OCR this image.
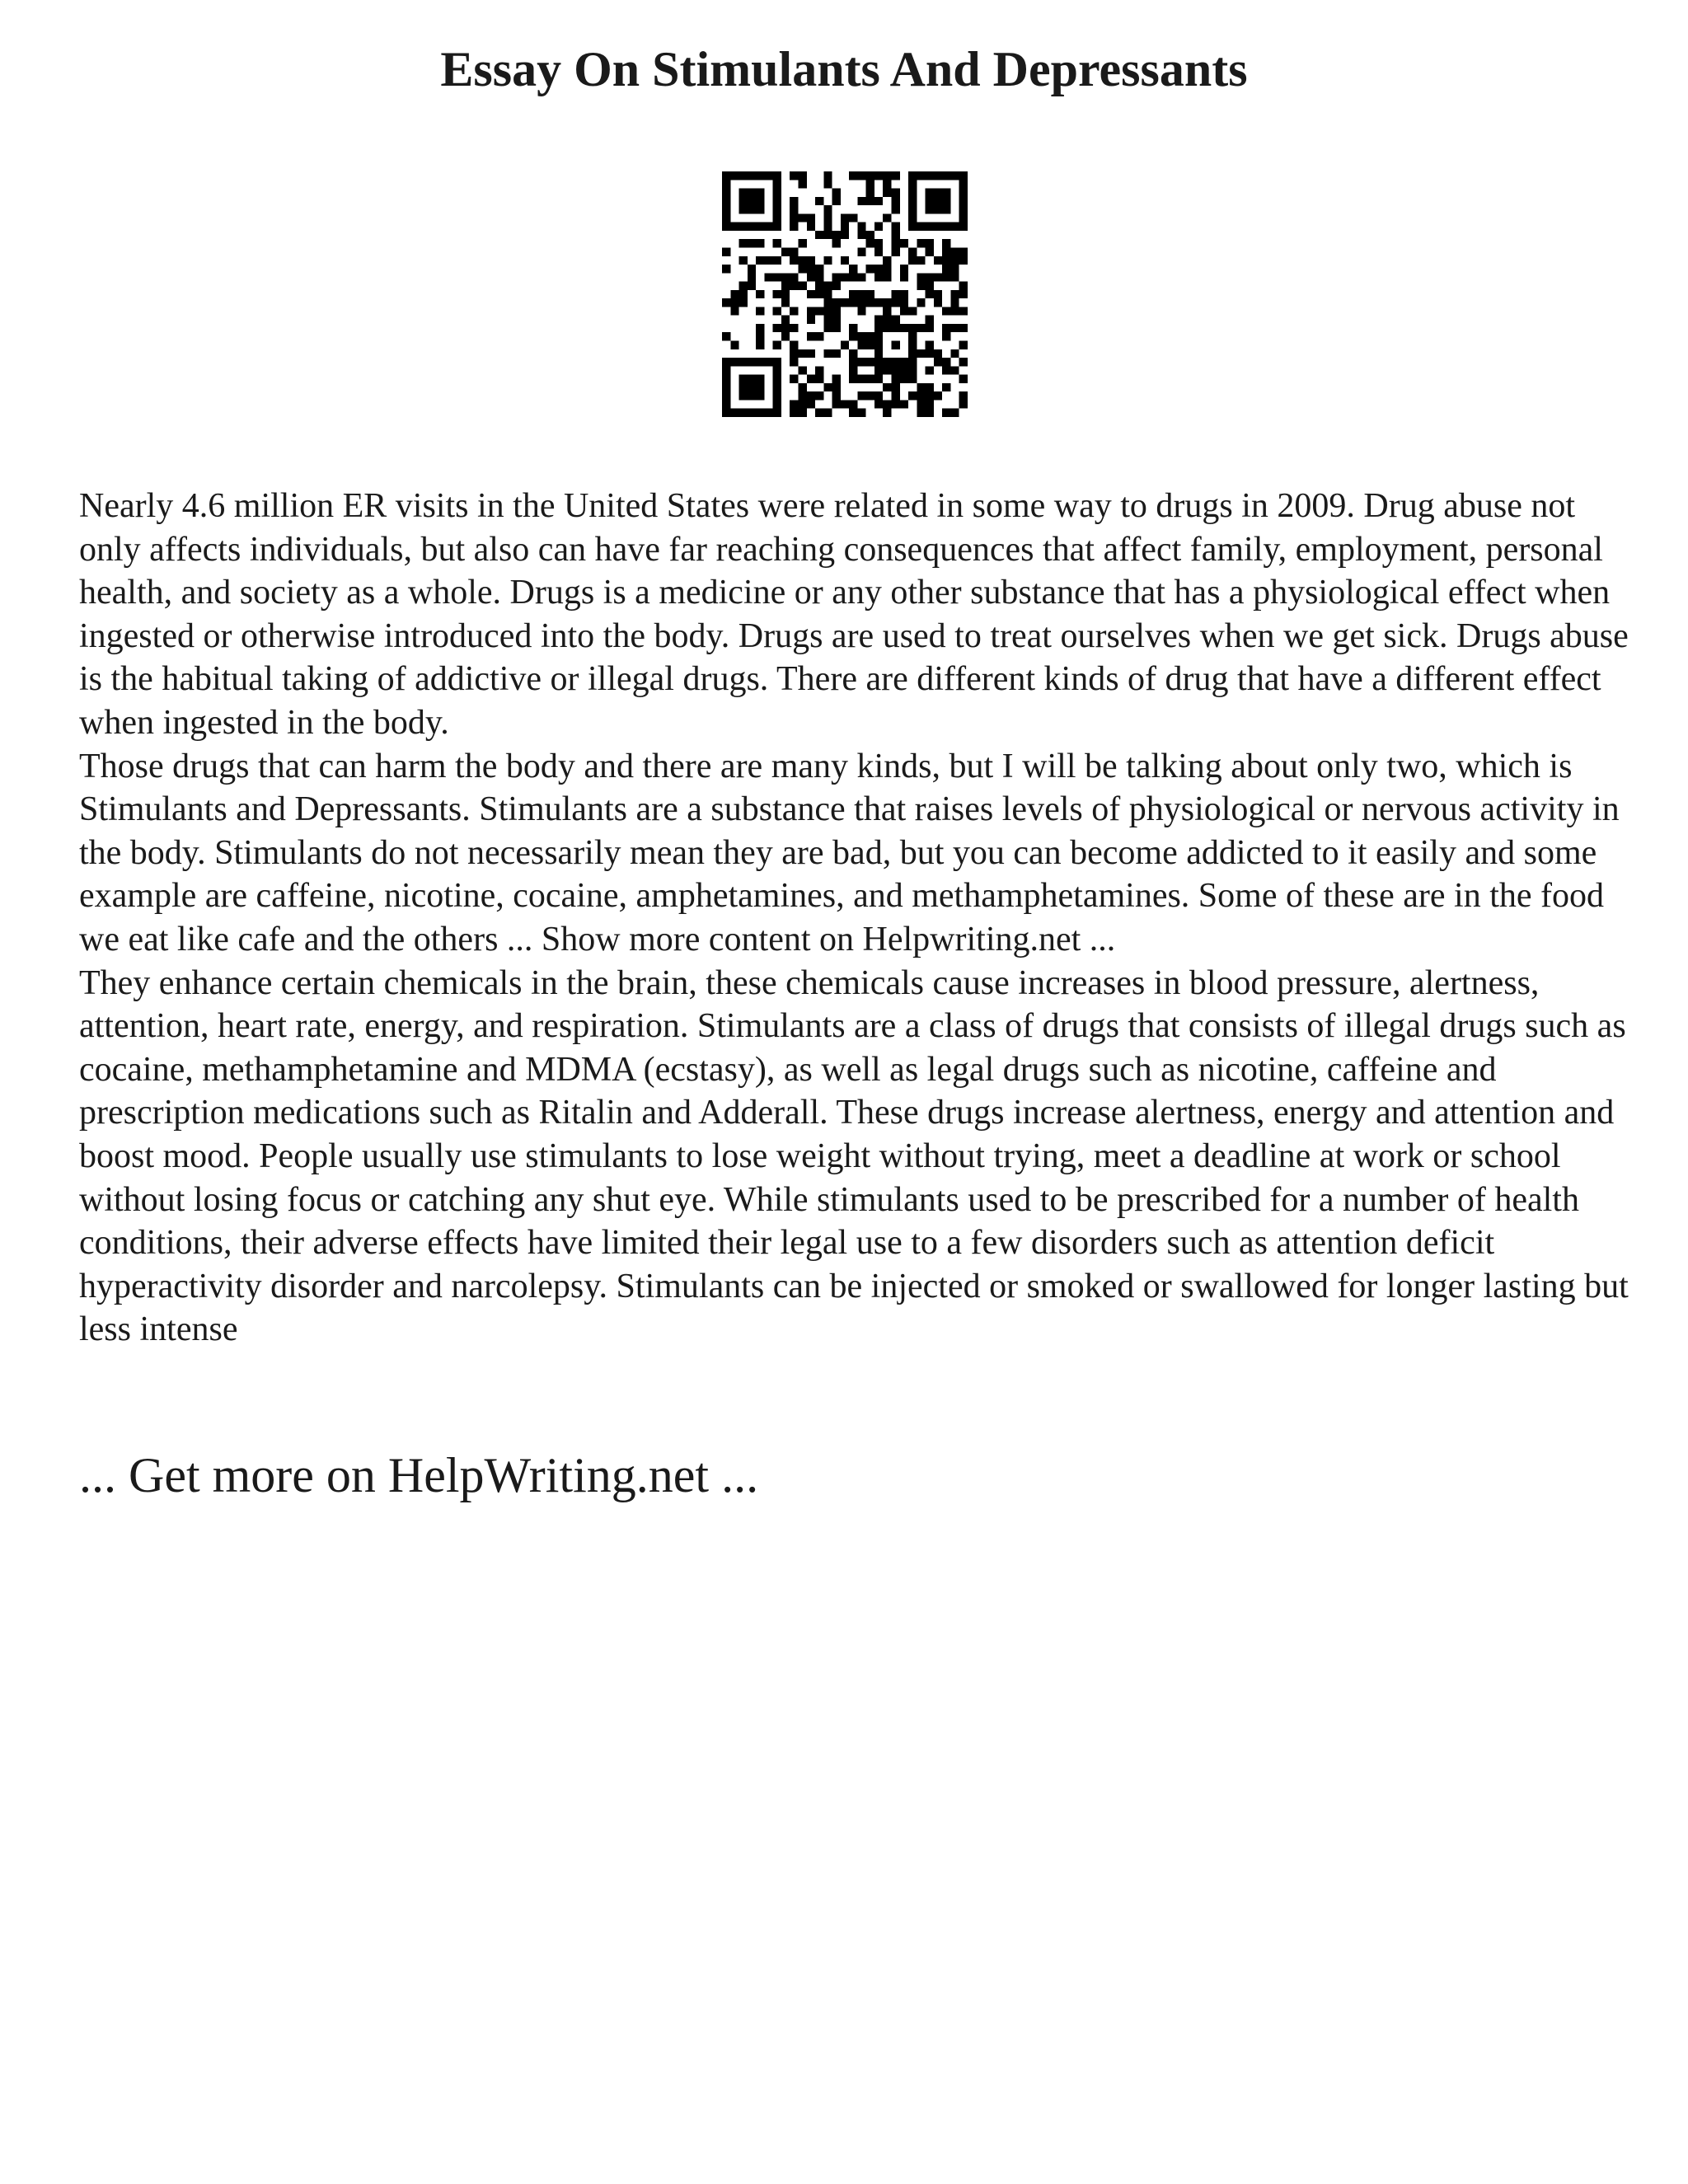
Essay On Stimulants And Depressants

Nearly 4.6 million ER visits in the United States were related in some way to drugs in 2009. Drug abuse not only affects individuals, but also can have far reaching consequences that affect family, employment, personal health, and society as a whole. Drugs is a medicine or any other substance that has a physiological effect when ingested or otherwise introduced into the body. Drugs are used to treat ourselves when we get sick. Drugs abuse is the habitual taking of addictive or illegal drugs. There are different kinds of drug that have a different effect when ingested in the body.

Those drugs that can harm the body and there are many kinds, but I will be talking about only two, which is Stimulants and Depressants. Stimulants are a substance that raises levels of physiological or nervous activity in the body. Stimulants do not necessarily mean they are bad, but you can become addicted to it easily and some example are caffeine, nicotine, cocaine, amphetamines, and methamphetamines. Some of these are in the food we eat like cafe and the others ... Show more content on Helpwriting.net ...

They enhance certain chemicals in the brain, these chemicals cause increases in blood pressure, alertness, attention, heart rate, energy, and respiration. Stimulants are a class of drugs that consists of illegal drugs such as cocaine, methamphetamine and MDMA (ecstasy), as well as legal drugs such as nicotine, caffeine and prescription medications such as Ritalin and Adderall. These drugs increase alertness, energy and attention and boost mood. People usually use stimulants to lose weight without trying, meet a deadline at work or school without losing focus or catching any shut eye. While stimulants used to be prescribed for a number of health conditions, their adverse effects have limited their legal use to a few disorders such as attention deficit hyperactivity disorder and narcolepsy. Stimulants can be injected or smoked or swallowed for longer lasting but less intense

... Get more on HelpWriting.net ...
